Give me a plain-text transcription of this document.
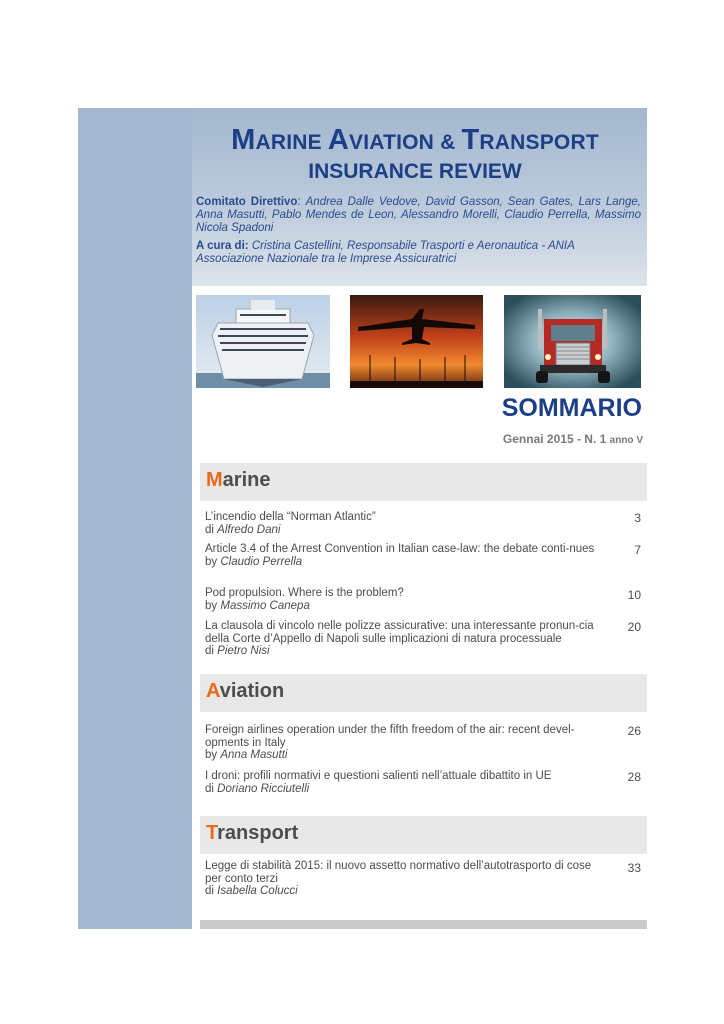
MARINE AVIATION & TRANSPORT
INSURANCE REVIEW
Comitato Direttivo: Andrea Dalle Vedove, David Gasson, Sean Gates, Lars Lange, Anna Masutti, Pablo Mendes de Leon, Alessandro Morelli, Claudio Perrella, Massimo Nicola Spadoni
A cura di: Cristina Castellini, Responsabile Trasporti e Aeronautica - ANIA Associazione Nazionale tra le Imprese Assicuratrici
SOMMARIO
Gennai 2015 - N. 1 anno V
Marine
L’incendio della “Norman Atlantic”
di Alfredo Dani
3
Article 3.4 of the Arrest Convention in Italian case-law: the debate conti-nues
by Claudio Perrella
7
Pod propulsion. Where is the problem?
by Massimo Canepa
10
La clausola di vincolo nelle polizze assicurative: una interessante pronun-cia della Corte d’Appello di Napoli sulle implicazioni di natura processuale
di Pietro Nisi
20
Aviation
Foreign airlines operation under the fifth freedom of the air: recent devel-opments in Italy
by Anna Masutti
26
I droni: profili normativi e questioni salienti nell’attuale dibattito in UE
di Doriano Ricciutelli
28
Transport
Legge di stabilità 2015: il nuovo assetto normativo dell’autotrasporto di cose per conto terzi
di Isabella Colucci
33
